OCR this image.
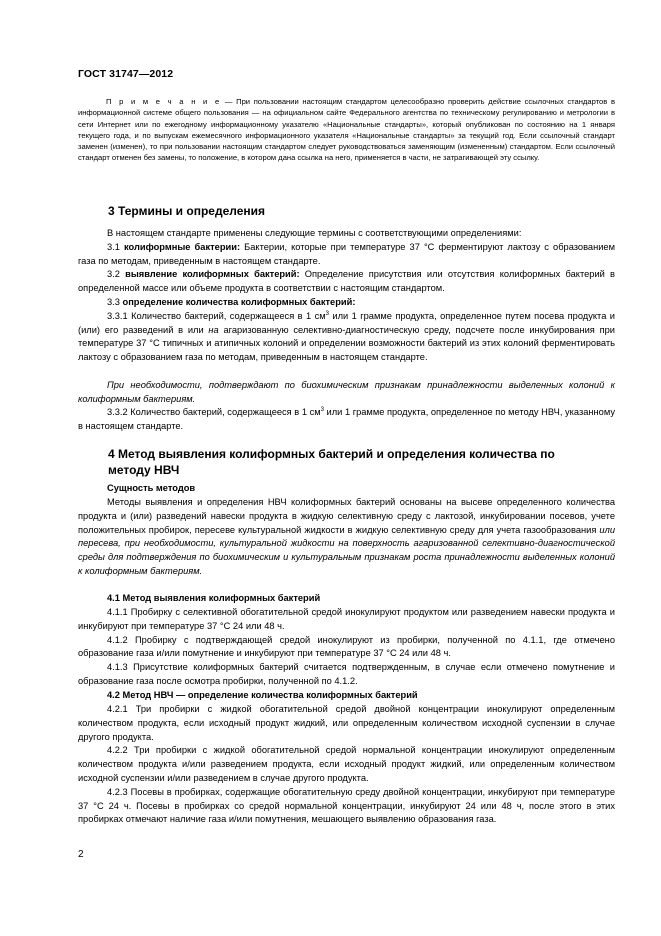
ГОСТ 31747—2012
П р и м е ч а н и е — При пользовании настоящим стандартом целесообразно проверить действие ссылочных стандартов в информационной системе общего пользования — на официальном сайте Федерального агентства по техническому регулированию и метрологии в сети Интернет или по ежегодному информационному указателю «Национальные стандарты», который опубликован по состоянию на 1 января текущего года, и по выпускам ежемесячного информационного указателя «Национальные стандарты» за текущий год. Если ссылочный стандарт заменен (изменен), то при пользовании настоящим стандартом следует руководствоваться заменяющим (измененным) стандартом. Если ссылочный стандарт отменен без замены, то положение, в котором дана ссылка на него, применяется в части, не затрагивающей эту ссылку.
3 Термины и определения
В настоящем стандарте применены следующие термины с соответствующими определениями:
3.1 колиформные бактерии: Бактерии, которые при температуре 37 °С ферментируют лактозу с образованием газа по методам, приведенным в настоящем стандарте.
3.2 выявление колиформных бактерий: Определение присутствия или отсутствия колиформных бактерий в определенной массе или объеме продукта в соответствии с настоящим стандартом.
3.3 определение количества колиформных бактерий:
3.3.1 Количество бактерий, содержащееся в 1 $см^3$ или 1 грамме продукта, определенное путем посева продукта и (или) его разведений в или на агаризованную селективно-диагностическую среду, подсчете после инкубирования при температуре 37 °С типичных и атипичных колоний и определении возможности бактерий из этих колоний ферментировать лактозу с образованием газа по методам, приведенным в настоящем стандарте.
При необходимости, подтверждают по биохимическим признакам принадлежности выделенных колоний к колиформным бактериям.
3.3.2 Количество бактерий, содержащееся в 1 $см^3$ или 1 грамме продукта, определенное по методу НВЧ, указанному в настоящем стандарте.
4 Метод выявления колиформных бактерий и определения количества по методу НВЧ
Сущность методов
Методы выявления и определения НВЧ колиформных бактерий основаны на высеве определенного количества продукта и (или) разведений навески продукта в жидкую селективную среду с лактозой, инкубировании посевов, учете положительных пробирок, пересеве культуральной жидкости в жидкую селективную среду для учета газообразования или пересева, при необходимости, культуральной жидкости на поверхность агаризованной селективно-диагностической среды для подтверждения по биохимическим и культуральным признакам роста принадлежности выделенных колоний к колиформным бактериям.
4.1 Метод выявления колиформных бактерий
4.1.1 Пробирку с селективной обогатительной средой инокулируют продуктом или разведением навески продукта и инкубируют при температуре 37 °С 24 или 48 ч.
4.1.2 Пробирку с подтверждающей средой инокулируют из пробирки, полученной по 4.1.1, где отмечено образование газа и/или помутнение и инкубируют при температуре 37 °С 24 или 48 ч.
4.1.3 Присутствие колиформных бактерий считается подтвержденным, в случае если отмечено помутнение и образование газа после осмотра пробирки, полученной по 4.1.2.
4.2 Метод НВЧ — определение количества колиформных бактерий
4.2.1 Три пробирки с жидкой обогатительной средой двойной концентрации инокулируют определенным количеством продукта, если исходный продукт жидкий, или определенным количеством исходной суспензии в случае другого продукта.
4.2.2 Три пробирки с жидкой обогатительной средой нормальной концентрации инокулируют определенным количеством продукта и/или разведением продукта, если исходный продукт жидкий, или определенным количеством исходной суспензии и/или разведением в случае другого продукта.
4.2.3 Посевы в пробирках, содержащие обогатительную среду двойной концентрации, инкубируют при температуре 37 °С 24 ч. Посевы в пробирках со средой нормальной концентрации, инкубируют 24 или 48 ч, после этого в этих пробирках отмечают наличие газа и/или помутнения, мешающего выявлению образования газа.
2
